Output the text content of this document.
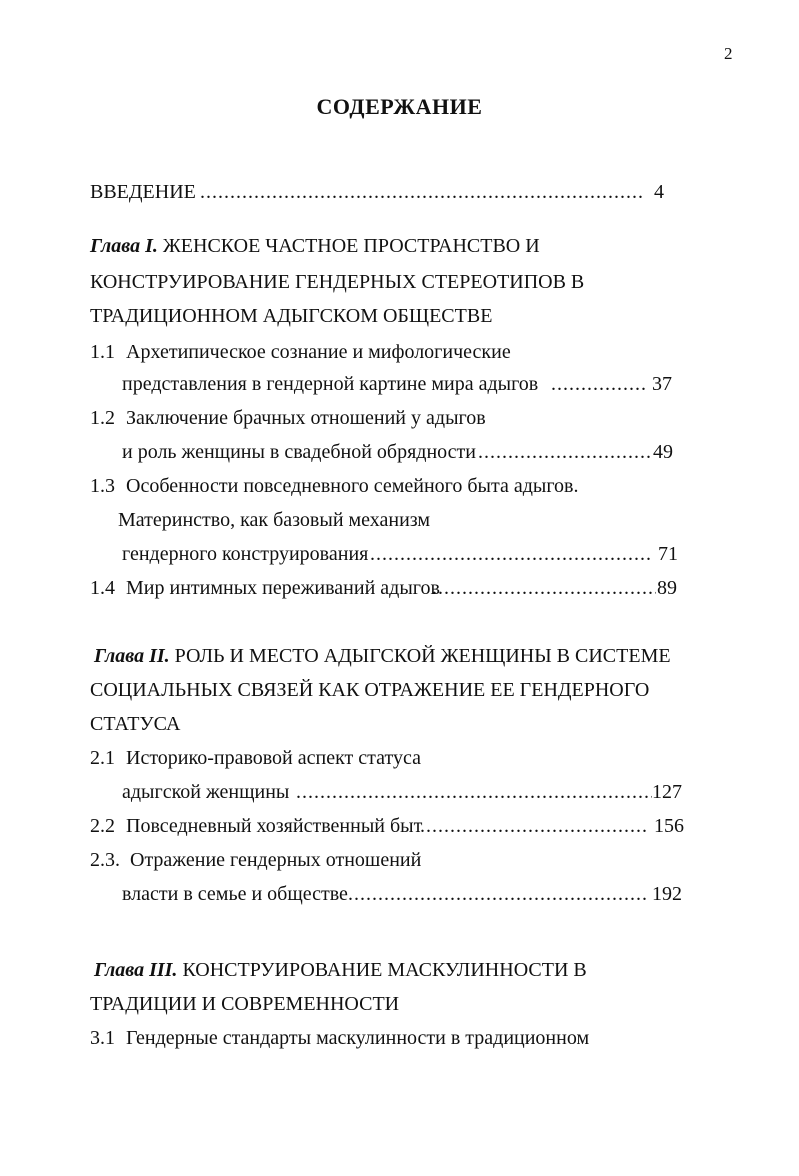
2
СОДЕРЖАНИЕ
ВВЕДЕНИЕ .....	4
Глава I. ЖЕНСКОЕ ЧАСТНОЕ ПРОСТРАНСТВО И
КОНСТРУИРОВАНИЕ ГЕНДЕРНЫХ СТЕРЕОТИПОВ В
ТРАДИЦИОННОМ АДЫГСКОМ ОБЩЕСТВЕ
1.1 Архетипическое сознание и мифологические
представления в гендерной картине мира адыгов .....	37
1.2 Заключение брачных отношений у адыгов
и роль женщины в свадебной обрядности .....	49
1.3 Особенности повседневного семейного быта адыгов.
Материнство, как базовый механизм
гендерного конструирования .....	71
1.4 Мир интимных переживаний адыгов .....	89
Глава II. РОЛЬ И МЕСТО АДЫГСКОЙ ЖЕНЩИНЫ В СИСТЕМЕ
СОЦИАЛЬНЫХ СВЯЗЕЙ КАК ОТРАЖЕНИЕ ЕЕ ГЕНДЕРНОГО
СТАТУСА
2.1 Историко-правовой аспект статуса
адыгской женщины .....	127
2.2 Повседневный хозяйственный быт .....	156
2.3. Отражение гендерных отношений
власти в семье и обществе .....	192
Глава III. КОНСТРУИРОВАНИЕ МАСКУЛИННОСТИ В
ТРАДИЦИИ И СОВРЕМЕННОСТИ
3.1 Гендерные стандарты маскулинности в традиционном
